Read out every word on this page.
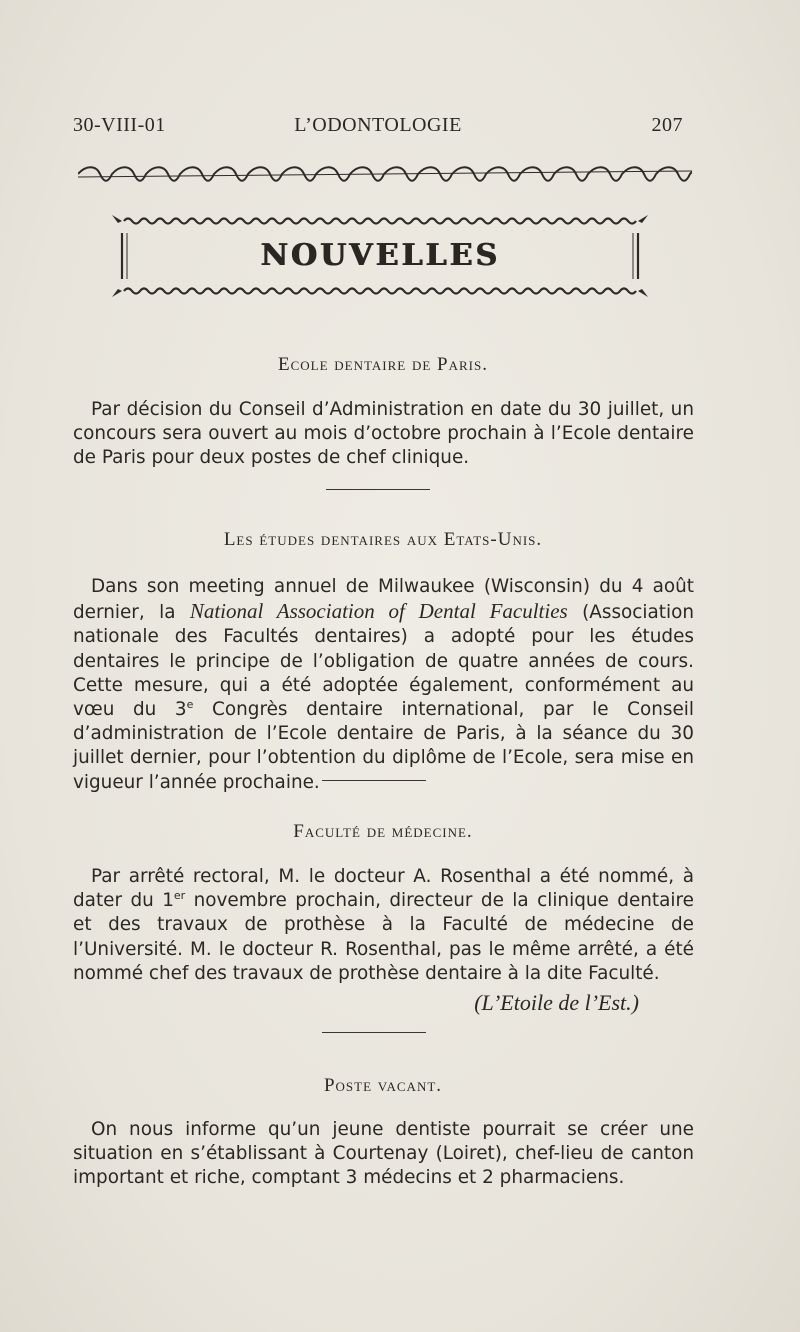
30-VIII-01	L’ODONTOLOGIE	207
NOUVELLES
Ecole dentaire de Paris.
Par décision du Conseil d’Administration en date du 30 juillet, un concours sera ouvert au mois d’octobre prochain à l’Ecole dentaire de Paris pour deux postes de chef clinique.
Les études dentaires aux Etats-Unis.
Dans son meeting annuel de Milwaukee (Wisconsin) du 4 août dernier, la National Association of Dental Faculties (Association nationale des Facultés dentaires) a adopté pour les études dentaires le principe de l’obligation de quatre années de cours. Cette mesure, qui a été adoptée également, conformément au vœu du 3e Congrès dentaire international, par le Conseil d’administration de l’Ecole dentaire de Paris, à la séance du 30 juillet dernier, pour l’obtention du diplôme de l’Ecole, sera mise en vigueur l’année prochaine.
Faculté de médecine.
Par arrêté rectoral, M. le docteur A. Rosenthal a été nommé, à dater du 1er novembre prochain, directeur de la clinique dentaire et des travaux de prothèse à la Faculté de médecine de l’Université. M. le docteur R. Rosenthal, pas le même arrêté, a été nommé chef des travaux de prothèse dentaire à la dite Faculté.
(L’Etoile de l’Est.)
Poste vacant.
On nous informe qu’un jeune dentiste pourrait se créer une situation en s’établissant à Courtenay (Loiret), chef-lieu de canton important et riche, comptant 3 médecins et 2 pharmaciens.
